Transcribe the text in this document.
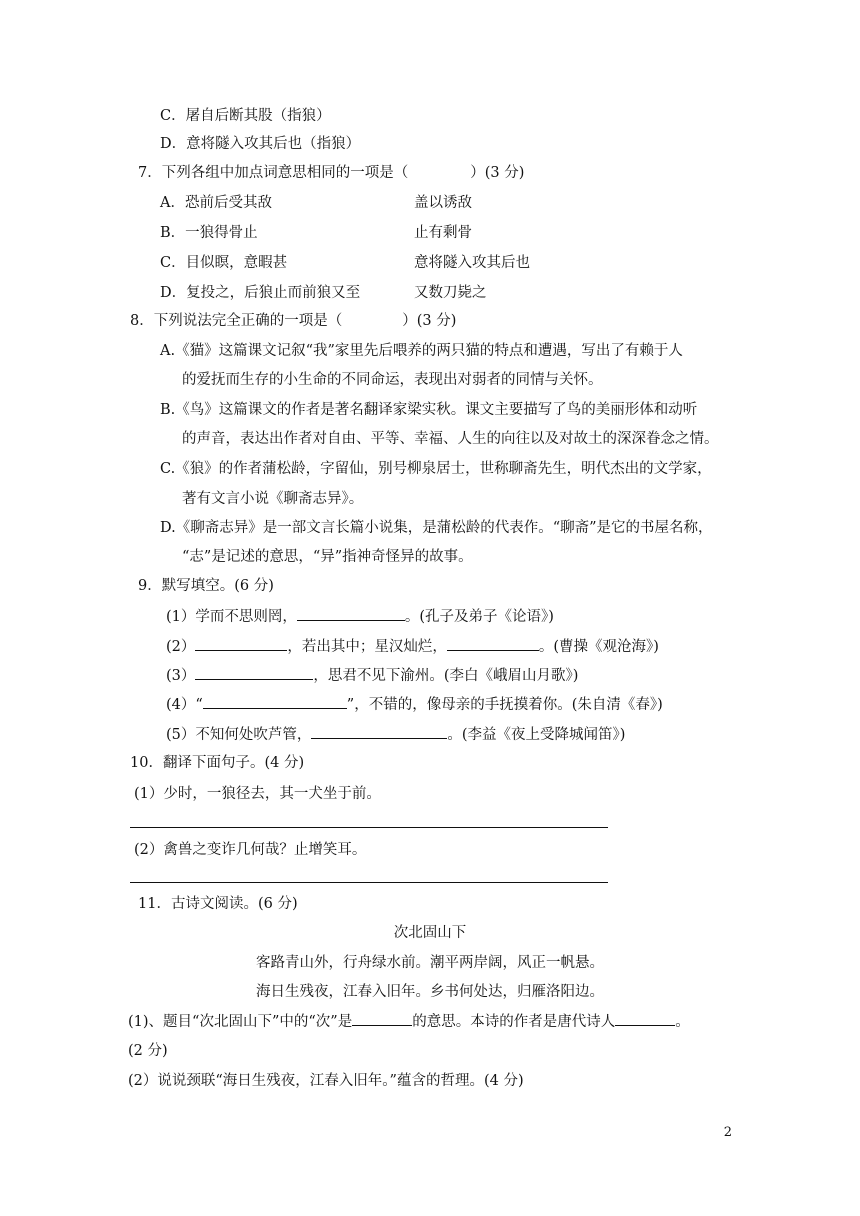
C．屠自后断其股（指狼）
D．意将隧入攻其后也（指狼）
7．下列各组中加点词意思相同的一项是（	）(3 分)
A．恐前后受其敌	盖以诱敌
B．一狼得骨止	止有剩骨
C．目似瞑，意暇甚	意将隧入攻其后也
D．复投之，后狼止而前狼又至	又数刀毙之
8．下列说法完全正确的一项是（	）(3 分)
A.《猫》这篇课文记叙“我”家里先后喂养的两只猫的特点和遭遇，写出了有赖于人
的爱抚而生存的小生命的不同命运，表现出对弱者的同情与关怀。
B.《鸟》这篇课文的作者是著名翻译家梁实秋。课文主要描写了鸟的美丽形体和动听
的声音，表达出作者对自由、平等、幸福、人生的向往以及对故土的深深眷念之情。
C.《狼》的作者蒲松龄，字留仙，别号柳泉居士，世称聊斋先生，明代杰出的文学家，
著有文言小说《聊斋志异》。
D.《聊斋志异》是一部文言长篇小说集，是蒲松龄的代表作。“聊斋”是它的书屋名称，
“志”是记述的意思，“异”指神奇怪异的故事。
9．默写填空。(6 分)
(1）学而不思则罔，	。(孔子及弟子《论语》)
(2）	，若出其中；星汉灿烂，	。(曹操《观沧海》)
(3）	，思君不见下渝州。(李白《峨眉山月歌》)
(4）“	”，不错的，像母亲的手抚摸着你。(朱自清《春》)
(5）不知何处吹芦管，	。(李益《夜上受降城闻笛》)
10．翻译下面句子。(4 分)
(1）少时，一狼径去，其一犬坐于前。
(2）禽兽之变诈几何哉？止增笑耳。
11．古诗文阅读。(6 分)
次北固山下
客路青山外，行舟绿水前。潮平两岸阔，风正一帆悬。
海日生残夜，江春入旧年。乡书何处达，归雁洛阳边。
(1)、题目“次北固山下”中的“次”是	的意思。本诗的作者是唐代诗人	。
(2 分)
(2）说说颈联“海日生残夜，江春入旧年。”蕴含的哲理。(4 分)
2
